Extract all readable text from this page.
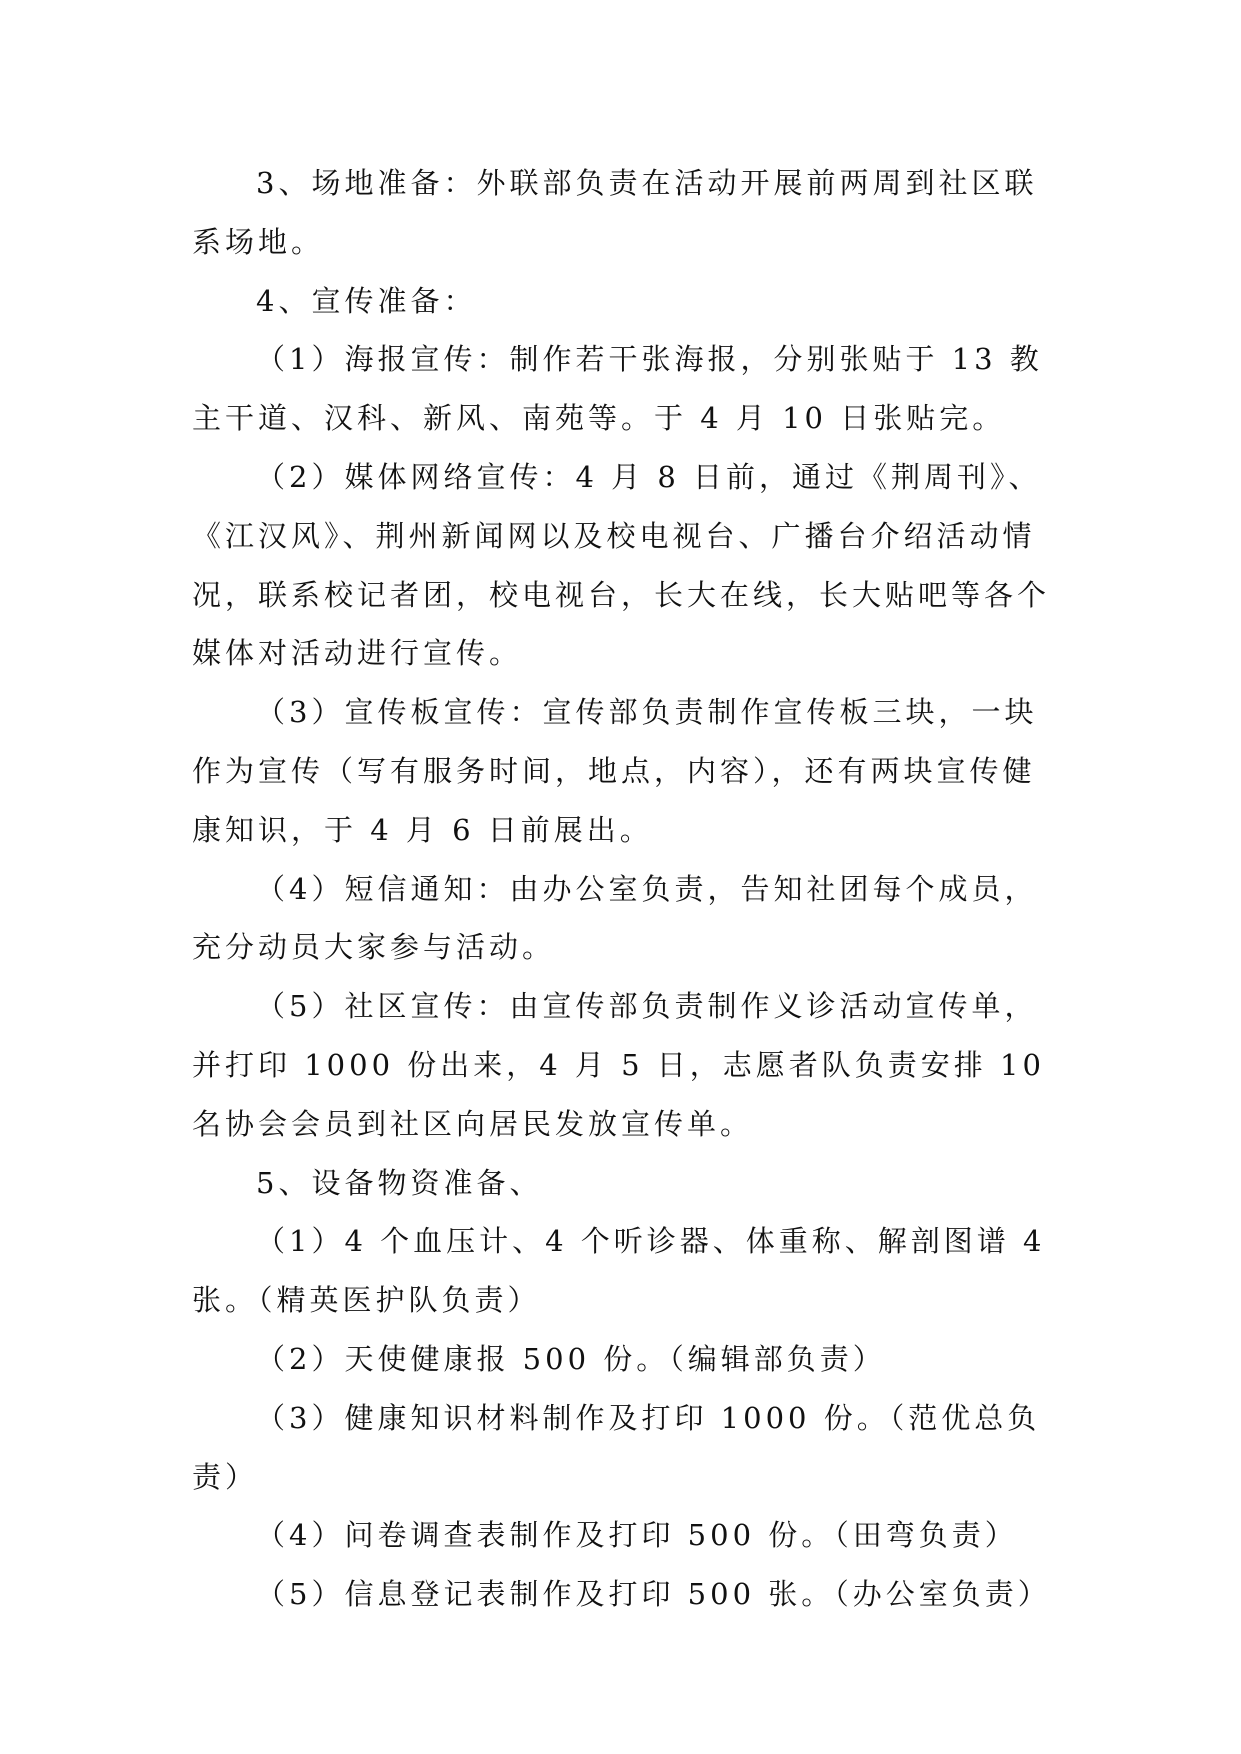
3、场地准备：外联部负责在活动开展前两周到社区联系场地。

4、宣传准备：

（1）海报宣传：制作若干张海报，分别张贴于 13 教主干道、汉科、新风、南苑等。于 4 月 10 日张贴完。

（2）媒体网络宣传：4 月 8 日前，通过《荆周刊》、《江汉风》、荆州新闻网以及校电视台、广播台介绍活动情况，联系校记者团，校电视台，长大在线，长大贴吧等各个媒体对活动进行宣传。

（3）宣传板宣传：宣传部负责制作宣传板三块，一块作为宣传（写有服务时间，地点，内容），还有两块宣传健康知识，于 4 月 6 日前展出。

（4）短信通知：由办公室负责，告知社团每个成员，充分动员大家参与活动。

（5）社区宣传：由宣传部负责制作义诊活动宣传单，并打印 1000 份出来，4 月 5 日，志愿者队负责安排 10 名协会会员到社区向居民发放宣传单。

5、设备物资准备、

（1）4 个血压计、4 个听诊器、体重称、解剖图谱 4 张。（精英医护队负责）

（2）天使健康报 500 份。（编辑部负责）

（3）健康知识材料制作及打印 1000 份。（范优总负责）

（4）问卷调查表制作及打印 500 份。（田弯负责）

（5）信息登记表制作及打印 500 张。（办公室负责）
